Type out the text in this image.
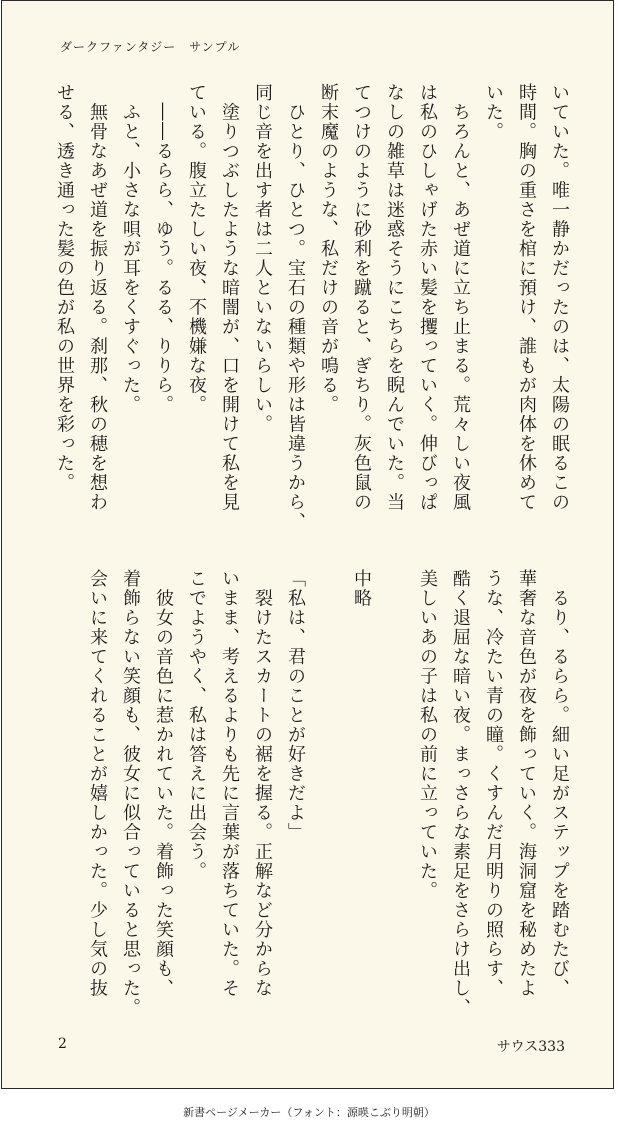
ダークファンタジー　サンプル
いていた。唯一静かだったのは、太陽の眠るこの
時間。胸の重さを棺に預け、誰もが肉体を休めて
いた。
　ちろんと、あぜ道に立ち止まる。荒々しい夜風
は私のひしゃげた赤い髪を攫っていく。伸びっぱ
なしの雑草は迷惑そうにこちらを睨んでいた。当
てつけのように砂利を蹴ると、ぎちり。灰色鼠の
断末魔のような、私だけの音が鳴る。
　ひとり、ひとつ。宝石の種類や形は皆違うから、
同じ音を出す者は二人といないらしい。
　塗りつぶしたような暗闇が、口を開けて私を見
ている。腹立たしい夜、不機嫌な夜。
　――るらら、ゆう。るる、りりら。
　ふと、小さな唄が耳をくすぐった。
　無骨なあぜ道を振り返る。刹那、秋の穂を想わ
せる、透き通った髪の色が私の世界を彩った。
　るり、るらら。細い足がステップを踏むたび、
華奢な音色が夜を飾っていく。海洞窟を秘めたよ
うな、冷たい青の瞳。くすんだ月明りの照らす、
酷く退屈な暗い夜。まっさらな素足をさらけ出し、
美しいあの子は私の前に立っていた。
中略
「私は、君のことが好きだよ」
　裂けたスカートの裾を握る。正解など分からな
いまま、考えるよりも先に言葉が落ちていた。そ
こでようやく、私は答えに出会う。
　彼女の音色に惹かれていた。着飾った笑顔も、
着飾らない笑顔も、彼女に似合っていると思った。
会いに来てくれることが嬉しかった。少し気の抜
2	サウス333
新書ページメーカー（フォント：源暎こぶり明朝）
